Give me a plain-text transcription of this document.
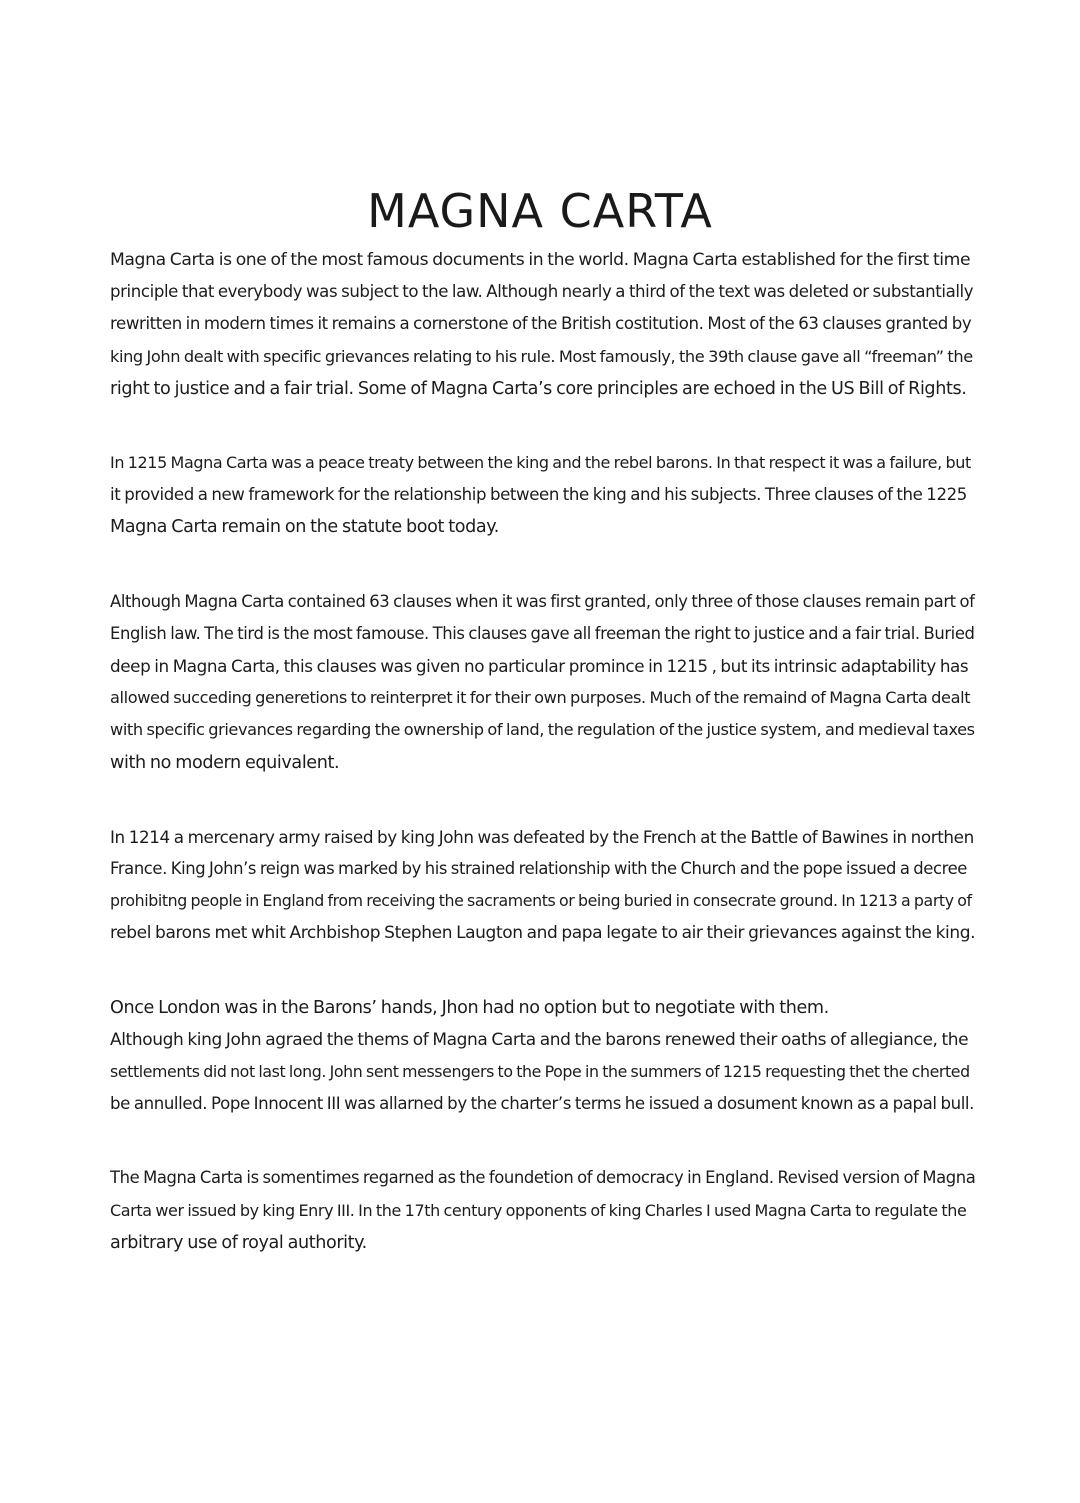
MAGNA CARTA

Magna Carta is one of the most famous documents in the world. Magna Carta established for the first time
principle that everybody was subject to the law. Although nearly a third of the text was deleted or substantially
rewritten in modern times it remains a cornerstone of the British costitution. Most of the 63 clauses granted by
king John dealt with specific grievances relating to his rule. Most famously, the 39th clause gave all “freeman” the
right to justice and a fair trial. Some of Magna Carta’s core principles are echoed in the US Bill of Rights.

In 1215 Magna Carta was a peace treaty between the king and the rebel barons. In that respect it was a failure, but
it provided a new framework for the relationship between the king and his subjects. Three clauses of the 1225
Magna Carta remain on the statute boot today.

Although Magna Carta contained 63 clauses when it was first granted, only three of those clauses remain part of
English law. The tird is the most famouse. This clauses gave all freeman the right to justice and a fair trial. Buried
deep in Magna Carta, this clauses was given no particular promince in 1215 , but its intrinsic adaptability has
allowed succeding generetions to reinterpret it for their own purposes. Much of the remaind of Magna Carta dealt
with specific grievances regarding the ownership of land, the regulation of the justice system, and medieval taxes
with no modern equivalent.

In 1214 a mercenary army raised by king John was defeated by the French at the Battle of Bawines in northen
France. King John’s reign was marked by his strained relationship with the Church and the pope issued a decree
prohibitng people in England from receiving the sacraments or being buried in consecrate ground. In 1213 a party of
rebel barons met whit Archbishop Stephen Laugton and papa legate to air their grievances against the king.

Once London was in the Barons’ hands, Jhon had no option but to negotiate with them.
Although king John agraed the thems of Magna Carta and the barons renewed their oaths of allegiance, the
settlements did not last long. John sent messengers to the Pope in the summers of 1215 requesting thet the cherted
be annulled. Pope Innocent III was allarned by the charter’s terms he issued a dosument known as a papal bull.

The Magna Carta is somentimes regarned as the foundetion of democracy in England. Revised version of Magna
Carta wer issued by king Enry III. In the 17th century opponents of king Charles I used Magna Carta to regulate the
arbitrary use of royal authority.
